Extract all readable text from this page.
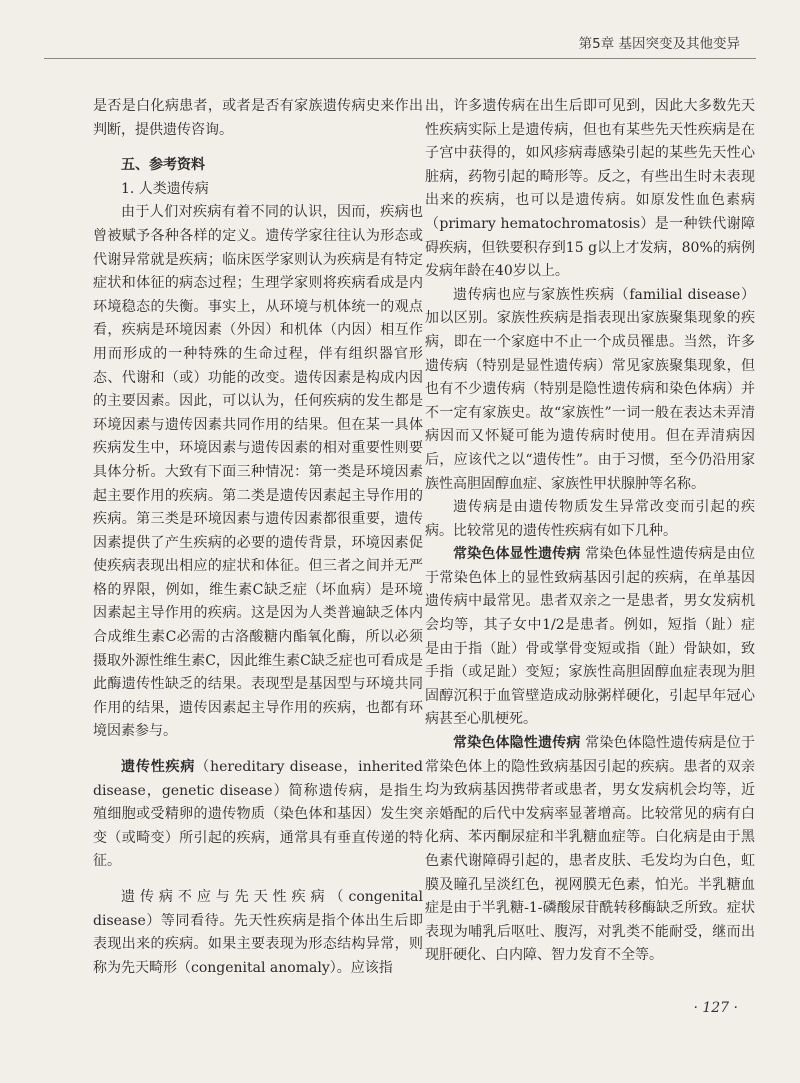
第5章 基因突变及其他变异

是否是白化病患者，或者是否有家族遗传病史来作出判断，提供遗传咨询。

五、参考资料
1. 人类遗传病

由于人们对疾病有着不同的认识，因而，疾病也曾被赋予各种各样的定义。遗传学家往往认为形态或代谢异常就是疾病；临床医学家则认为疾病是有特定症状和体征的病态过程；生理学家则将疾病看成是内环境稳态的失衡。事实上，从环境与机体统一的观点看，疾病是环境因素（外因）和机体（内因）相互作用而形成的一种特殊的生命过程，伴有组织器官形态、代谢和（或）功能的改变。遗传因素是构成内因的主要因素。因此，可以认为，任何疾病的发生都是环境因素与遗传因素共同作用的结果。但在某一具体疾病发生中，环境因素与遗传因素的相对重要性则要具体分析。大致有下面三种情况：第一类是环境因素起主要作用的疾病。第二类是遗传因素起主导作用的疾病。第三类是环境因素与遗传因素都很重要，遗传因素提供了产生疾病的必要的遗传背景，环境因素促使疾病表现出相应的症状和体征。但三者之间并无严格的界限，例如，维生素C缺乏症（坏血病）是环境因素起主导作用的疾病。这是因为人类普遍缺乏体内合成维生素C必需的古洛酸糖内酯氧化酶，所以必须摄取外源性维生素C，因此维生素C缺乏症也可看成是此酶遗传性缺乏的结果。表现型是基因型与环境共同作用的结果，遗传因素起主导作用的疾病，也都有环境因素参与。

遗传性疾病（hereditary disease，inherited disease，genetic disease）简称遗传病，是指生殖细胞或受精卵的遗传物质（染色体和基因）发生突变（或畸变）所引起的疾病，通常具有垂直传递的特征。

遗传病不应与先天性疾病（congenital disease）等同看待。先天性疾病是指个体出生后即表现出来的疾病。如果主要表现为形态结构异常，则称为先天畸形（congenital anomaly）。应该指

出，许多遗传病在出生后即可见到，因此大多数先天性疾病实际上是遗传病，但也有某些先天性疾病是在子宫中获得的，如风疹病毒感染引起的某些先天性心脏病，药物引起的畸形等。反之，有些出生时未表现出来的疾病，也可以是遗传病。如原发性血色素病（primary hematochromatosis）是一种铁代谢障碍疾病，但铁要积存到15 g以上才发病，80%的病例发病年龄在40岁以上。

遗传病也应与家族性疾病（familial disease）加以区别。家族性疾病是指表现出家族聚集现象的疾病，即在一个家庭中不止一个成员罹患。当然，许多遗传病（特别是显性遗传病）常见家族聚集现象，但也有不少遗传病（特别是隐性遗传病和染色体病）并不一定有家族史。故“家族性”一词一般在表达未弄清病因而又怀疑可能为遗传病时使用。但在弄清病因后，应该代之以“遗传性”。由于习惯，至今仍沿用家族性高胆固醇血症、家族性甲状腺肿等名称。

遗传病是由遗传物质发生异常改变而引起的疾病。比较常见的遗传性疾病有如下几种。

常染色体显性遗传病 常染色体显性遗传病是由位于常染色体上的显性致病基因引起的疾病，在单基因遗传病中最常见。患者双亲之一是患者，男女发病机会均等，其子女中1/2是患者。例如，短指（趾）症是由于指（趾）骨或掌骨变短或指（趾）骨缺如，致手指（或足趾）变短；家族性高胆固醇血症表现为胆固醇沉积于血管壁造成动脉粥样硬化，引起早年冠心病甚至心肌梗死。

常染色体隐性遗传病 常染色体隐性遗传病是位于常染色体上的隐性致病基因引起的疾病。患者的双亲均为致病基因携带者或患者，男女发病机会均等，近亲婚配的后代中发病率显著增高。比较常见的病有白化病、苯丙酮尿症和半乳糖血症等。白化病是由于黑色素代谢障碍引起的，患者皮肤、毛发均为白色，虹膜及瞳孔呈淡红色，视网膜无色素，怕光。半乳糖血症是由于半乳糖-1-磷酸尿苷酰转移酶缺乏所致。症状表现为哺乳后呕吐、腹泻，对乳类不能耐受，继而出现肝硬化、白内障、智力发育不全等。

· 127 ·
